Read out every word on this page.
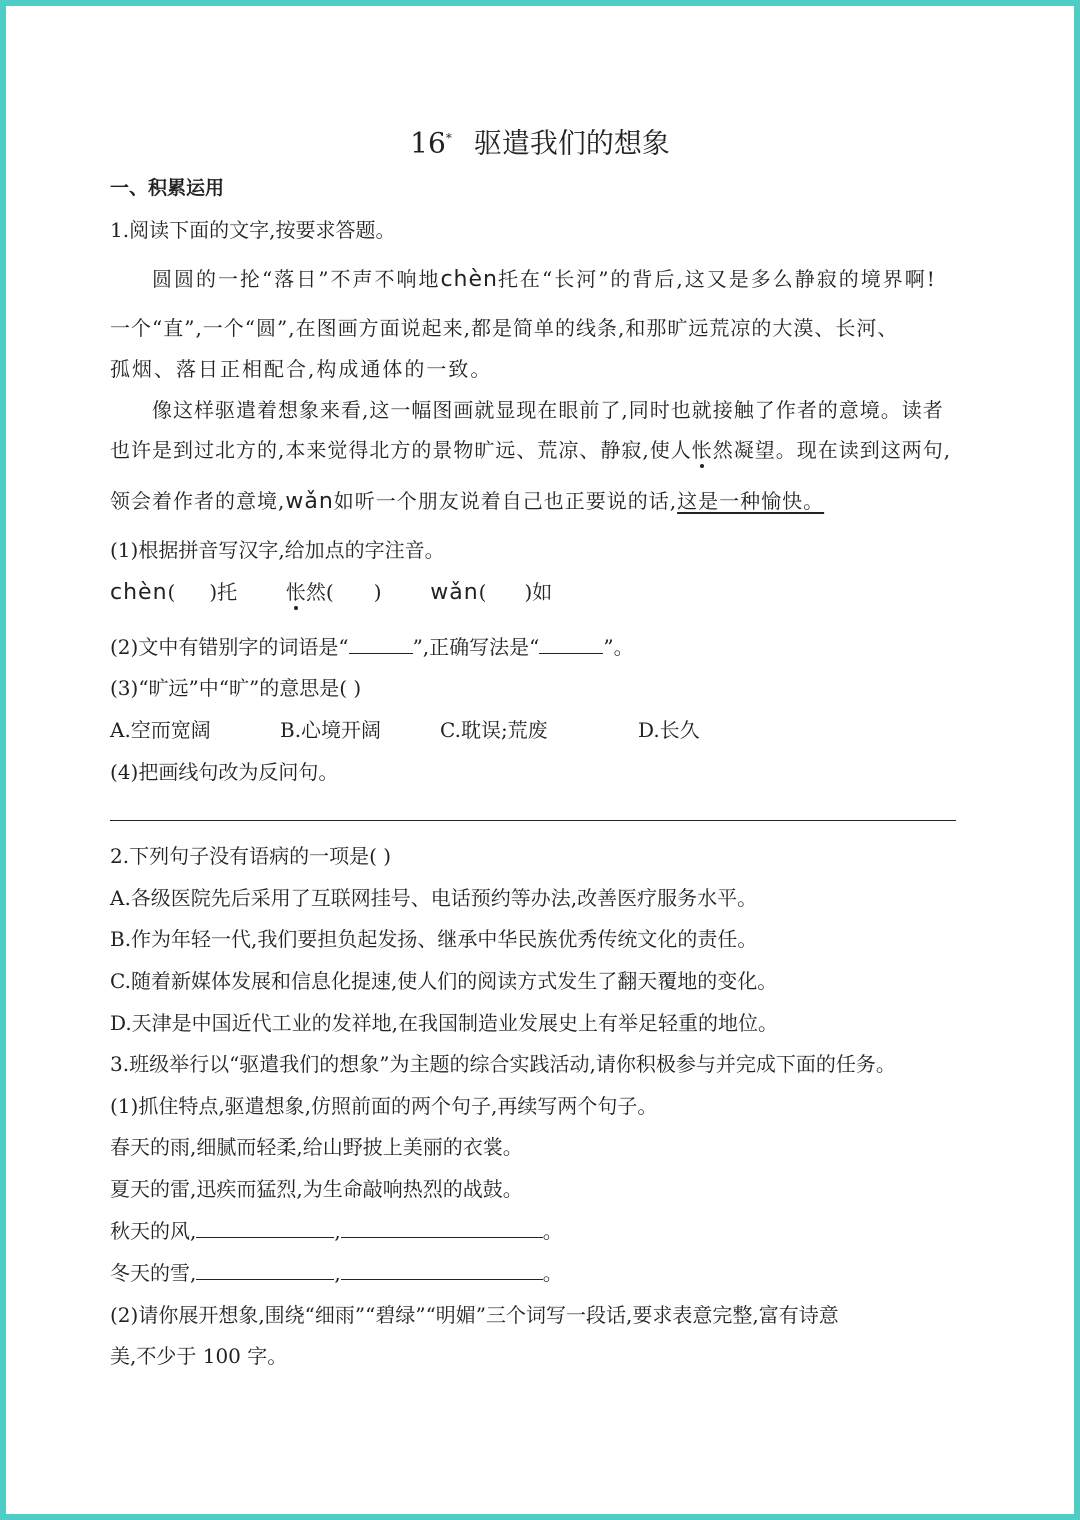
16* 驱遣我们的想象
一、积累运用
1.阅读下面的文字,按要求答题。
圆圆的一抡“落日”不声不响地chèn托在“长河”的背后,这又是多么静寂的境界啊!
一个“直”,一个“圆”,在图画方面说起来,都是简单的线条,和那旷远荒凉的大漠、长河、
孤烟、落日正相配合,构成通体的一致。
像这样驱遣着想象来看,这一幅图画就显现在眼前了,同时也就接触了作者的意境。读者
也许是到过北方的,本来觉得北方的景物旷远、荒凉、静寂,使人怅然凝望。现在读到这两句,
领会着作者的意境,wǎn如听一个朋友说着自己也正要说的话,这是一种愉快。
(1)根据拼音写汉字,给加点的字注音。
chèn( )托 怅然( ) wǎn( )如
(2)文中有错别字的词语是“	”,正确写法是“	”。
(3)“旷远”中“旷”的意思是( )
A.空而宽阔	B.心境开阔	C.耽误;荒废	D.长久
(4)把画线句改为反问句。
2.下列句子没有语病的一项是( )
A.各级医院先后采用了互联网挂号、电话预约等办法,改善医疗服务水平。
B.作为年轻一代,我们要担负起发扬、继承中华民族优秀传统文化的责任。
C.随着新媒体发展和信息化提速,使人们的阅读方式发生了翻天覆地的变化。
D.天津是中国近代工业的发祥地,在我国制造业发展史上有举足轻重的地位。
3.班级举行以“驱遣我们的想象”为主题的综合实践活动,请你积极参与并完成下面的任务。
(1)抓住特点,驱遣想象,仿照前面的两个句子,再续写两个句子。
春天的雨,细腻而轻柔,给山野披上美丽的衣裳。
夏天的雷,迅疾而猛烈,为生命敲响热烈的战鼓。
秋天的风,	,	。
冬天的雪,	,	。
(2)请你展开想象,围绕“细雨”“碧绿”“明媚”三个词写一段话,要求表意完整,富有诗意
美,不少于 100 字。
